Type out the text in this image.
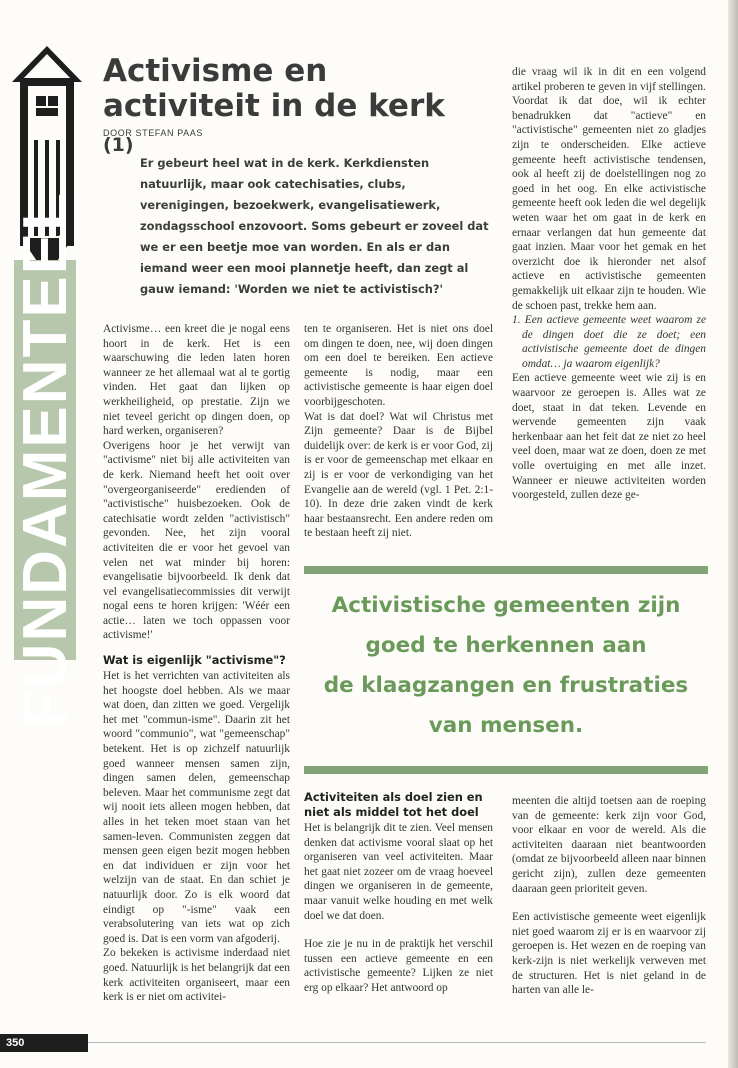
FUNDAMENTEEL
Activisme en activiteit in de kerk (1)
DOOR STEFAN PAAS

Er gebeurt heel wat in de kerk. Kerkdiensten natuurlijk, maar ook catechisaties, clubs, verenigingen, bezoekwerk, evangelisatiewerk, zondagsschool enzovoort. Soms gebeurt er zoveel dat we er een beetje moe van worden. En als er dan iemand weer een mooi plannetje heeft, dan zegt al gauw iemand: 'Worden we niet te activistisch?'

Activisme… een kreet die je nogal eens hoort in de kerk. Het is een waarschuwing die leden laten horen wanneer ze het allemaal wat al te gortig vinden. Het gaat dan lijken op werkheiligheid, op prestatie. Zijn we niet teveel gericht op dingen doen, op hard werken, organiseren?

Overigens hoor je het verwijt van "activisme" niet bij alle activiteiten van de kerk. Niemand heeft het ooit over "overgeorganiseerde" eredienden of "activistische" huisbezoeken. Ook de catechisatie wordt zelden "activistisch" gevonden. Nee, het zijn vooral activiteiten die er voor het gevoel van velen net wat minder bij horen: evangelisatie bijvoorbeeld. Ik denk dat vel evangelisatiecommissies dit verwijt nogal eens te horen krijgen: 'Wéér een actie… laten we toch oppassen voor activisme!'

Wat is eigenlijk "activisme"?

Het is het verrichten van activiteiten als het hoogste doel hebben. Als we maar wat doen, dan zitten we goed. Vergelijk het met "commun-isme". Daarin zit het woord "communio", wat "gemeenschap" betekent. Het is op zichzelf natuurlijk goed wanneer mensen samen zijn, dingen samen delen, gemeenschap beleven. Maar het communisme zegt dat wij nooit iets alleen mogen hebben, dat alles in het teken moet staan van het samen-leven. Communisten zeggen dat mensen geen eigen bezit mogen hebben en dat individuen er zijn voor het welzijn van de staat. En dan schiet je natuurlijk door. Zo is elk woord dat eindigt op "-isme" vaak een verabsolutering van iets wat op zich goed is. Dat is een vorm van afgoderij.

Zo bekeken is activisme inderdaad niet goed. Natuurlijk is het belangrijk dat een kerk activiteiten organiseert, maar een kerk is er niet om activitei-

ten te organiseren. Het is niet ons doel om dingen te doen, nee, wij doen dingen om een doel te bereiken. Een actieve gemeente is nodig, maar een activistische gemeente is haar eigen doel voorbijgeschoten.

Wat is dat doel? Wat wil Christus met Zijn gemeente? Daar is de Bijbel duidelijk over: de kerk is er voor God, zij is er voor de gemeenschap met elkaar en zij is er voor de verkondiging van het Evangelie aan de wereld (vgl. 1 Pet. 2:1-10). In deze drie zaken vindt de kerk haar bestaansrecht. Een andere reden om te bestaan heeft zij niet.

die vraag wil ik in dit en een volgend artikel proberen te geven in vijf stellingen.

Voordat ik dat doe, wil ik echter benadrukken dat "actieve" en "activistische" gemeenten niet zo gladjes zijn te onderscheiden. Elke actieve gemeente heeft activistische tendensen, ook al heeft zij de doelstellingen nog zo goed in het oog. En elke activistische gemeente heeft ook leden die wel degelijk weten waar het om gaat in de kerk en ernaar verlangen dat hun gemeente dat gaat inzien. Maar voor het gemak en het overzicht doe ik hieronder net alsof actieve en activistische gemeenten gemakkelijk uit elkaar zijn te houden. Wie de schoen past, trekke hem aan.

1. Een actieve gemeente weet waarom ze de dingen doet die ze doet; een activistische gemeente doet de dingen omdat… ja waarom eigenlijk?

Een actieve gemeente weet wie zij is en waarvoor ze geroepen is. Alles wat ze doet, staat in dat teken. Levende en wervende gemeenten zijn vaak herkenbaar aan het feit dat ze niet zo heel veel doen, maar wat ze doen, doen ze met volle overtuiging en met alle inzet. Wanneer er nieuwe activiteiten worden voorgesteld, zullen deze ge-

Activistische gemeenten zijn
goed te herkennen aan
de klaagzangen en frustraties
van mensen.
Activiteiten als doel zien en niet als middel tot het doel

Het is belangrijk dit te zien. Veel mensen denken dat activisme vooral slaat op het organiseren van veel activiteiten. Maar het gaat niet zozeer om de vraag hoeveel dingen we organiseren in de gemeente, maar vanuit welke houding en met welk doel we dat doen.

Hoe zie je nu in de praktijk het verschil tussen een actieve gemeente en een activistische gemeente? Lijken ze niet erg op elkaar? Het antwoord op

meenten die altijd toetsen aan de roeping van de gemeente: kerk zijn voor God, voor elkaar en voor de wereld. Als die activiteiten daaraan niet beantwoorden (omdat ze bijvoorbeeld alleen naar binnen gericht zijn), zullen deze gemeenten daaraan geen prioriteit geven.

Een activistische gemeente weet eigenlijk niet goed waarom zij er is en waarvoor zij geroepen is. Het wezen en de roeping van kerk-zijn is niet werkelijk verweven met de structuren. Het is niet geland in de harten van alle le-

350
